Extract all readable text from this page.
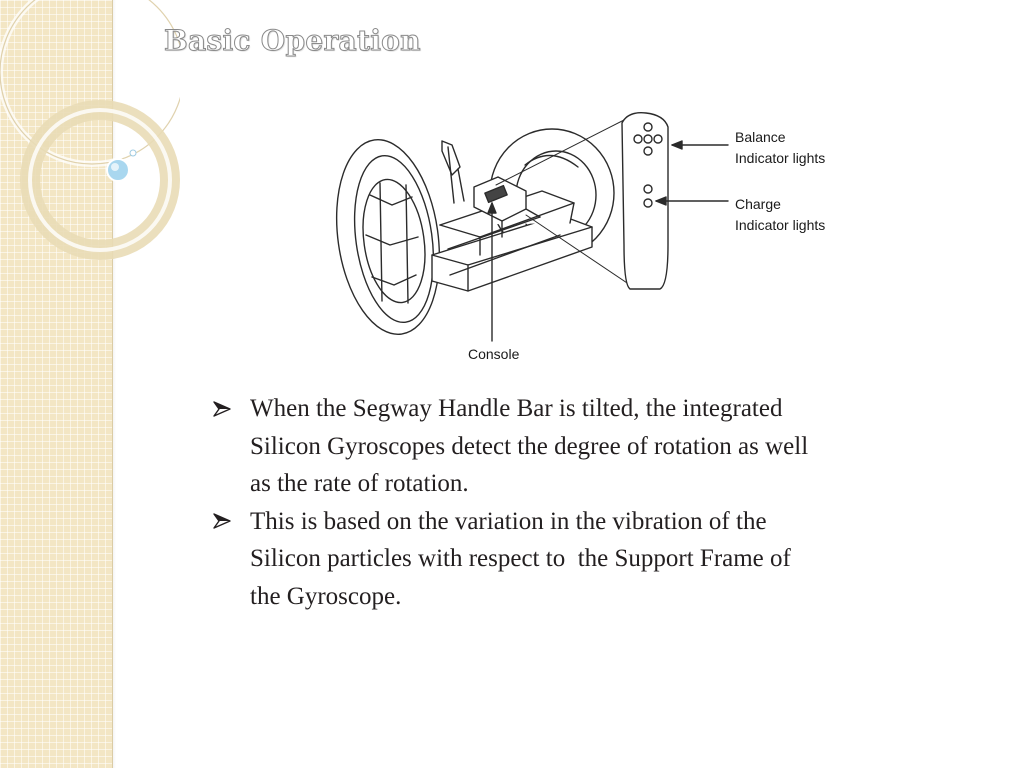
Basic Operation
Balance
Indicator lights
Charge
Indicator lights
Console
When the Segway Handle Bar is tilted, the integrated
Silicon Gyroscopes detect the degree of rotation as well
as the rate of rotation.
This is based on the variation in the vibration of the
Silicon particles with respect to  the Support Frame of
the Gyroscope.
